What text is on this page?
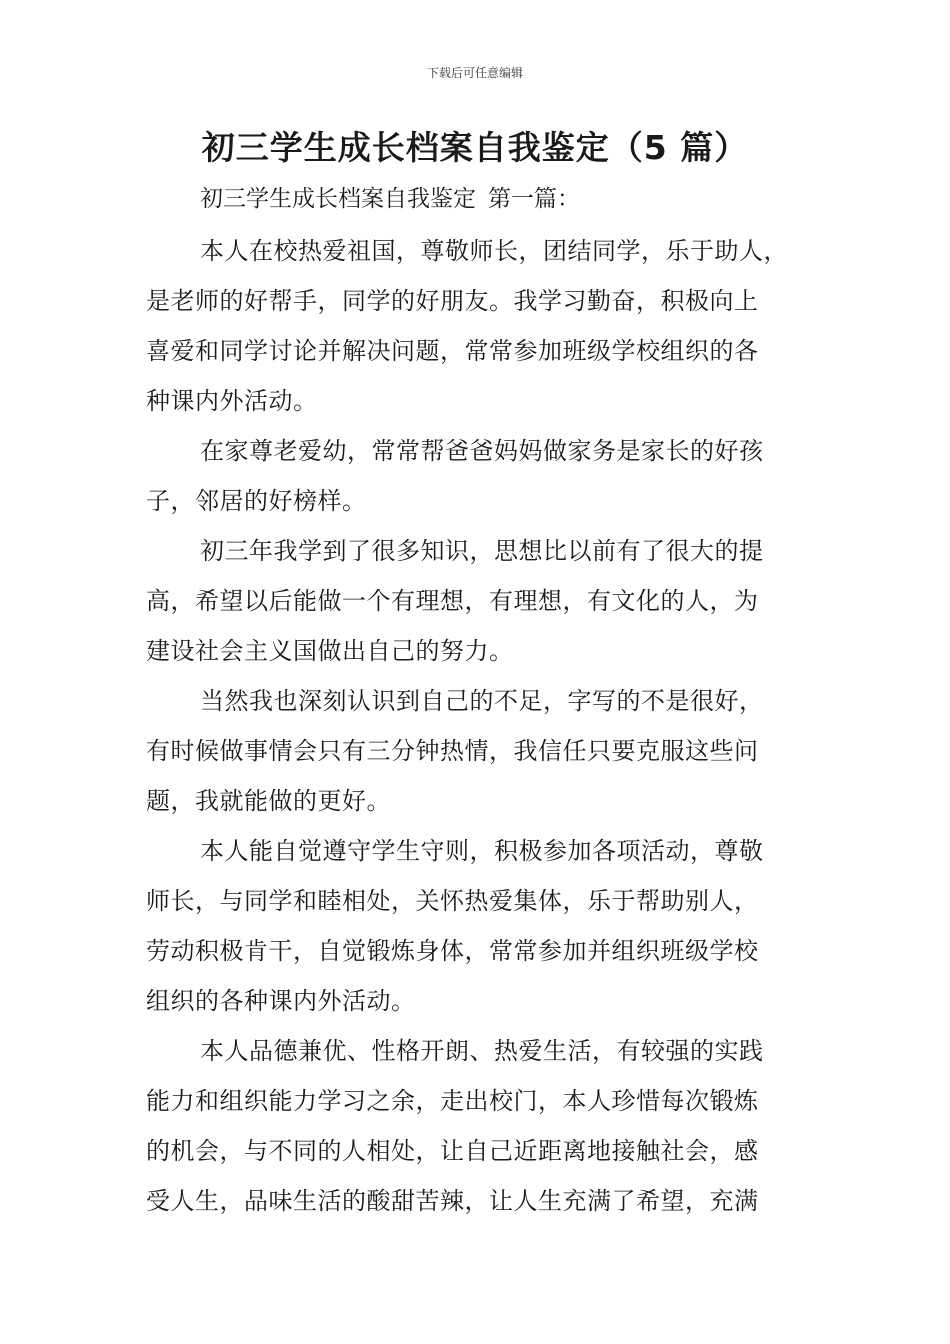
下载后可任意编辑
初三学生成长档案自我鉴定（5 篇）
初三学生成长档案自我鉴定 第一篇：

本人在校热爱祖国，尊敬师长，团结同学，乐于助人，
是老师的好帮手，同学的好朋友。我学习勤奋，积极向上
喜爱和同学讨论并解决问题，常常参加班级学校组织的各
种课内外活动。

在家尊老爱幼，常常帮爸爸妈妈做家务是家长的好孩
子，邻居的好榜样。

初三年我学到了很多知识，思想比以前有了很大的提
高，希望以后能做一个有理想，有理想，有文化的人，为
建设社会主义国做出自己的努力。

当然我也深刻认识到自己的不足，字写的不是很好，
有时候做事情会只有三分钟热情，我信任只要克服这些问
题，我就能做的更好。

本人能自觉遵守学生守则，积极参加各项活动，尊敬
师长，与同学和睦相处，关怀热爱集体，乐于帮助别人，
劳动积极肯干，自觉锻炼身体，常常参加并组织班级学校
组织的各种课内外活动。

本人品德兼优、性格开朗、热爱生活，有较强的实践
能力和组织能力学习之余，走出校门，本人珍惜每次锻炼
的机会，与不同的人相处，让自己近距离地接触社会，感
受人生，品味生活的酸甜苦辣，让人生充满了希望，充满
